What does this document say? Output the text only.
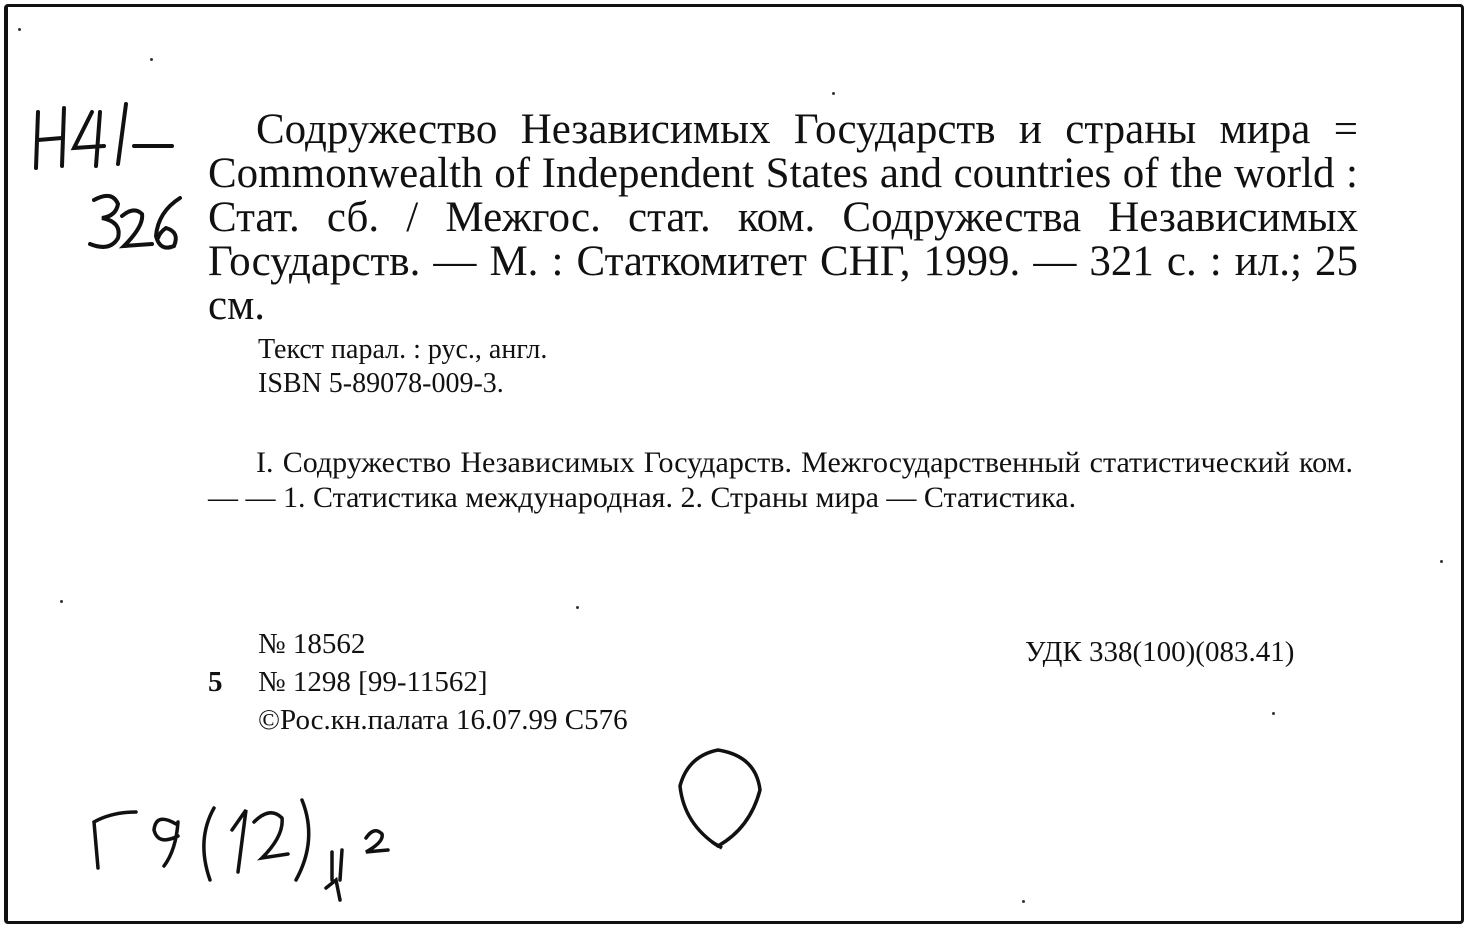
Содружество Независимых Государств и страны мира = Commonwealth of Independent States and countries of the world : Стат. сб. / Межгос. стат. ком. Содружества Независимых Государств. — М. : Статкомитет СНГ, 1999. — 321 с. : ил.; 25 см.

Текст парал. : рус., англ.
ISBN 5-89078-009-3.

I. Содружество Независимых Государств. Межгосударственный статистический ком. — — 1. Статистика международная. 2. Страны мира — Статистика.

№ 18562
5 № 1298 [99-11562]
©Рос.кн.палата 16.07.99 С576
УДК 338(100)(083.41)
